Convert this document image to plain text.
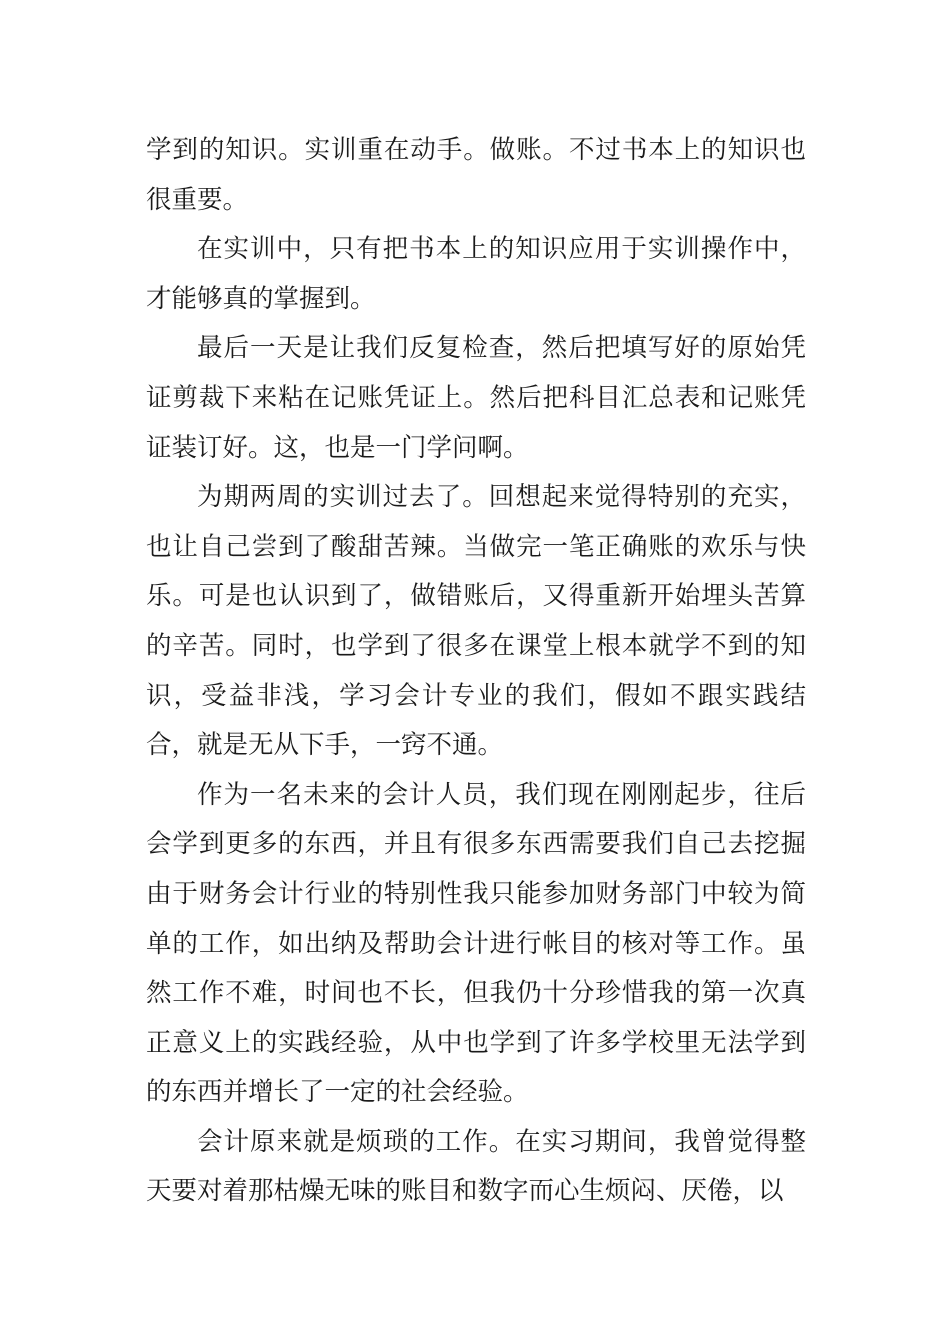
学到的知识。实训重在动手。做账。不过书本上的知识也很重要。

在实训中，只有把书本上的知识应用于实训操作中，才能够真的掌握到。

最后一天是让我们反复检查，然后把填写好的原始凭证剪裁下来粘在记账凭证上。然后把科目汇总表和记账凭证装订好。这，也是一门学问啊。

为期两周的实训过去了。回想起来觉得特别的充实，也让自己尝到了酸甜苦辣。当做完一笔正确账的欢乐与快乐。可是也认识到了，做错账后，又得重新开始埋头苦算的辛苦。同时，也学到了很多在课堂上根本就学不到的知识，受益非浅，学习会计专业的我们，假如不跟实践结合，就是无从下手，一窍不通。

作为一名未来的会计人员，我们现在刚刚起步，往后会学到更多的东西，并且有很多东西需要我们自己去挖掘由于财务会计行业的特别性我只能参加财务部门中较为简单的工作，如出纳及帮助会计进行帐目的核对等工作。虽然工作不难，时间也不长，但我仍十分珍惜我的第一次真正意义上的实践经验，从中也学到了许多学校里无法学到的东西并增长了一定的社会经验。

会计原来就是烦琐的工作。在实习期间，我曾觉得整天要对着那枯燥无味的账目和数字而心生烦闷、厌倦，以
